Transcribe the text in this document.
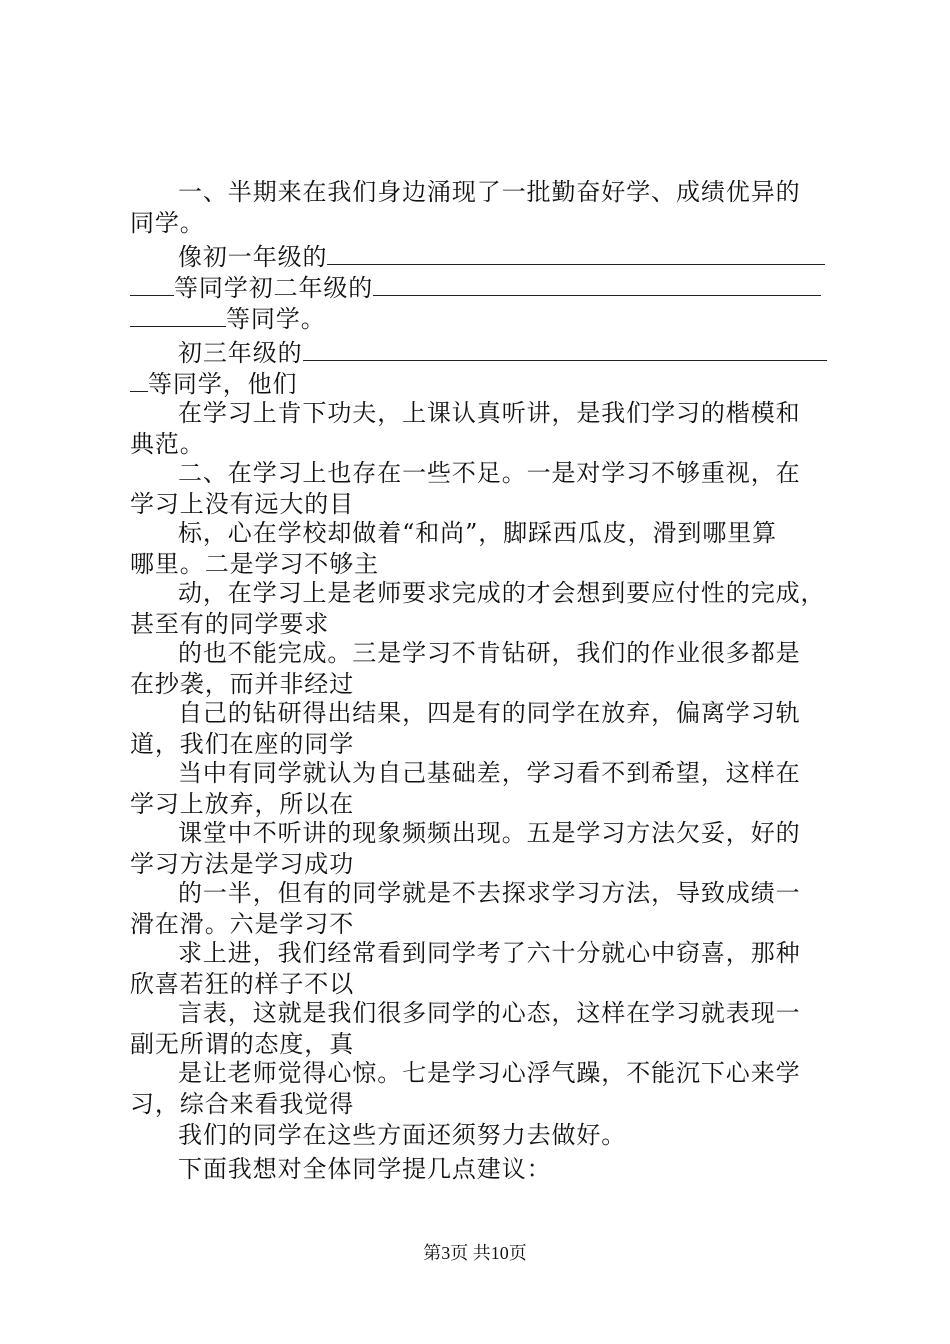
一、半期来在我们身边涌现了一批勤奋好学、成绩优异的
同学。
像初一年级的
等同学初二年级的
等同学。
初三年级的
等同学，他们
在学习上肯下功夫，上课认真听讲，是我们学习的楷模和
典范。
二、在学习上也存在一些不足。一是对学习不够重视，在
学习上没有远大的目
标，心在学校却做着“和尚”，脚踩西瓜皮，滑到哪里算
哪里。二是学习不够主
动，在学习上是老师要求完成的才会想到要应付性的完成，
甚至有的同学要求
的也不能完成。三是学习不肯钻研，我们的作业很多都是
在抄袭，而并非经过
自己的钻研得出结果，四是有的同学在放弃，偏离学习轨
道，我们在座的同学
当中有同学就认为自己基础差，学习看不到希望，这样在
学习上放弃，所以在
课堂中不听讲的现象频频出现。五是学习方法欠妥，好的
学习方法是学习成功
的一半，但有的同学就是不去探求学习方法，导致成绩一
滑在滑。六是学习不
求上进，我们经常看到同学考了六十分就心中窃喜，那种
欣喜若狂的样子不以
言表，这就是我们很多同学的心态，这样在学习就表现一
副无所谓的态度，真
是让老师觉得心惊。七是学习心浮气躁，不能沉下心来学
习，综合来看我觉得
我们的同学在这些方面还须努力去做好。
下面我想对全体同学提几点建议：
第3页 共10页
